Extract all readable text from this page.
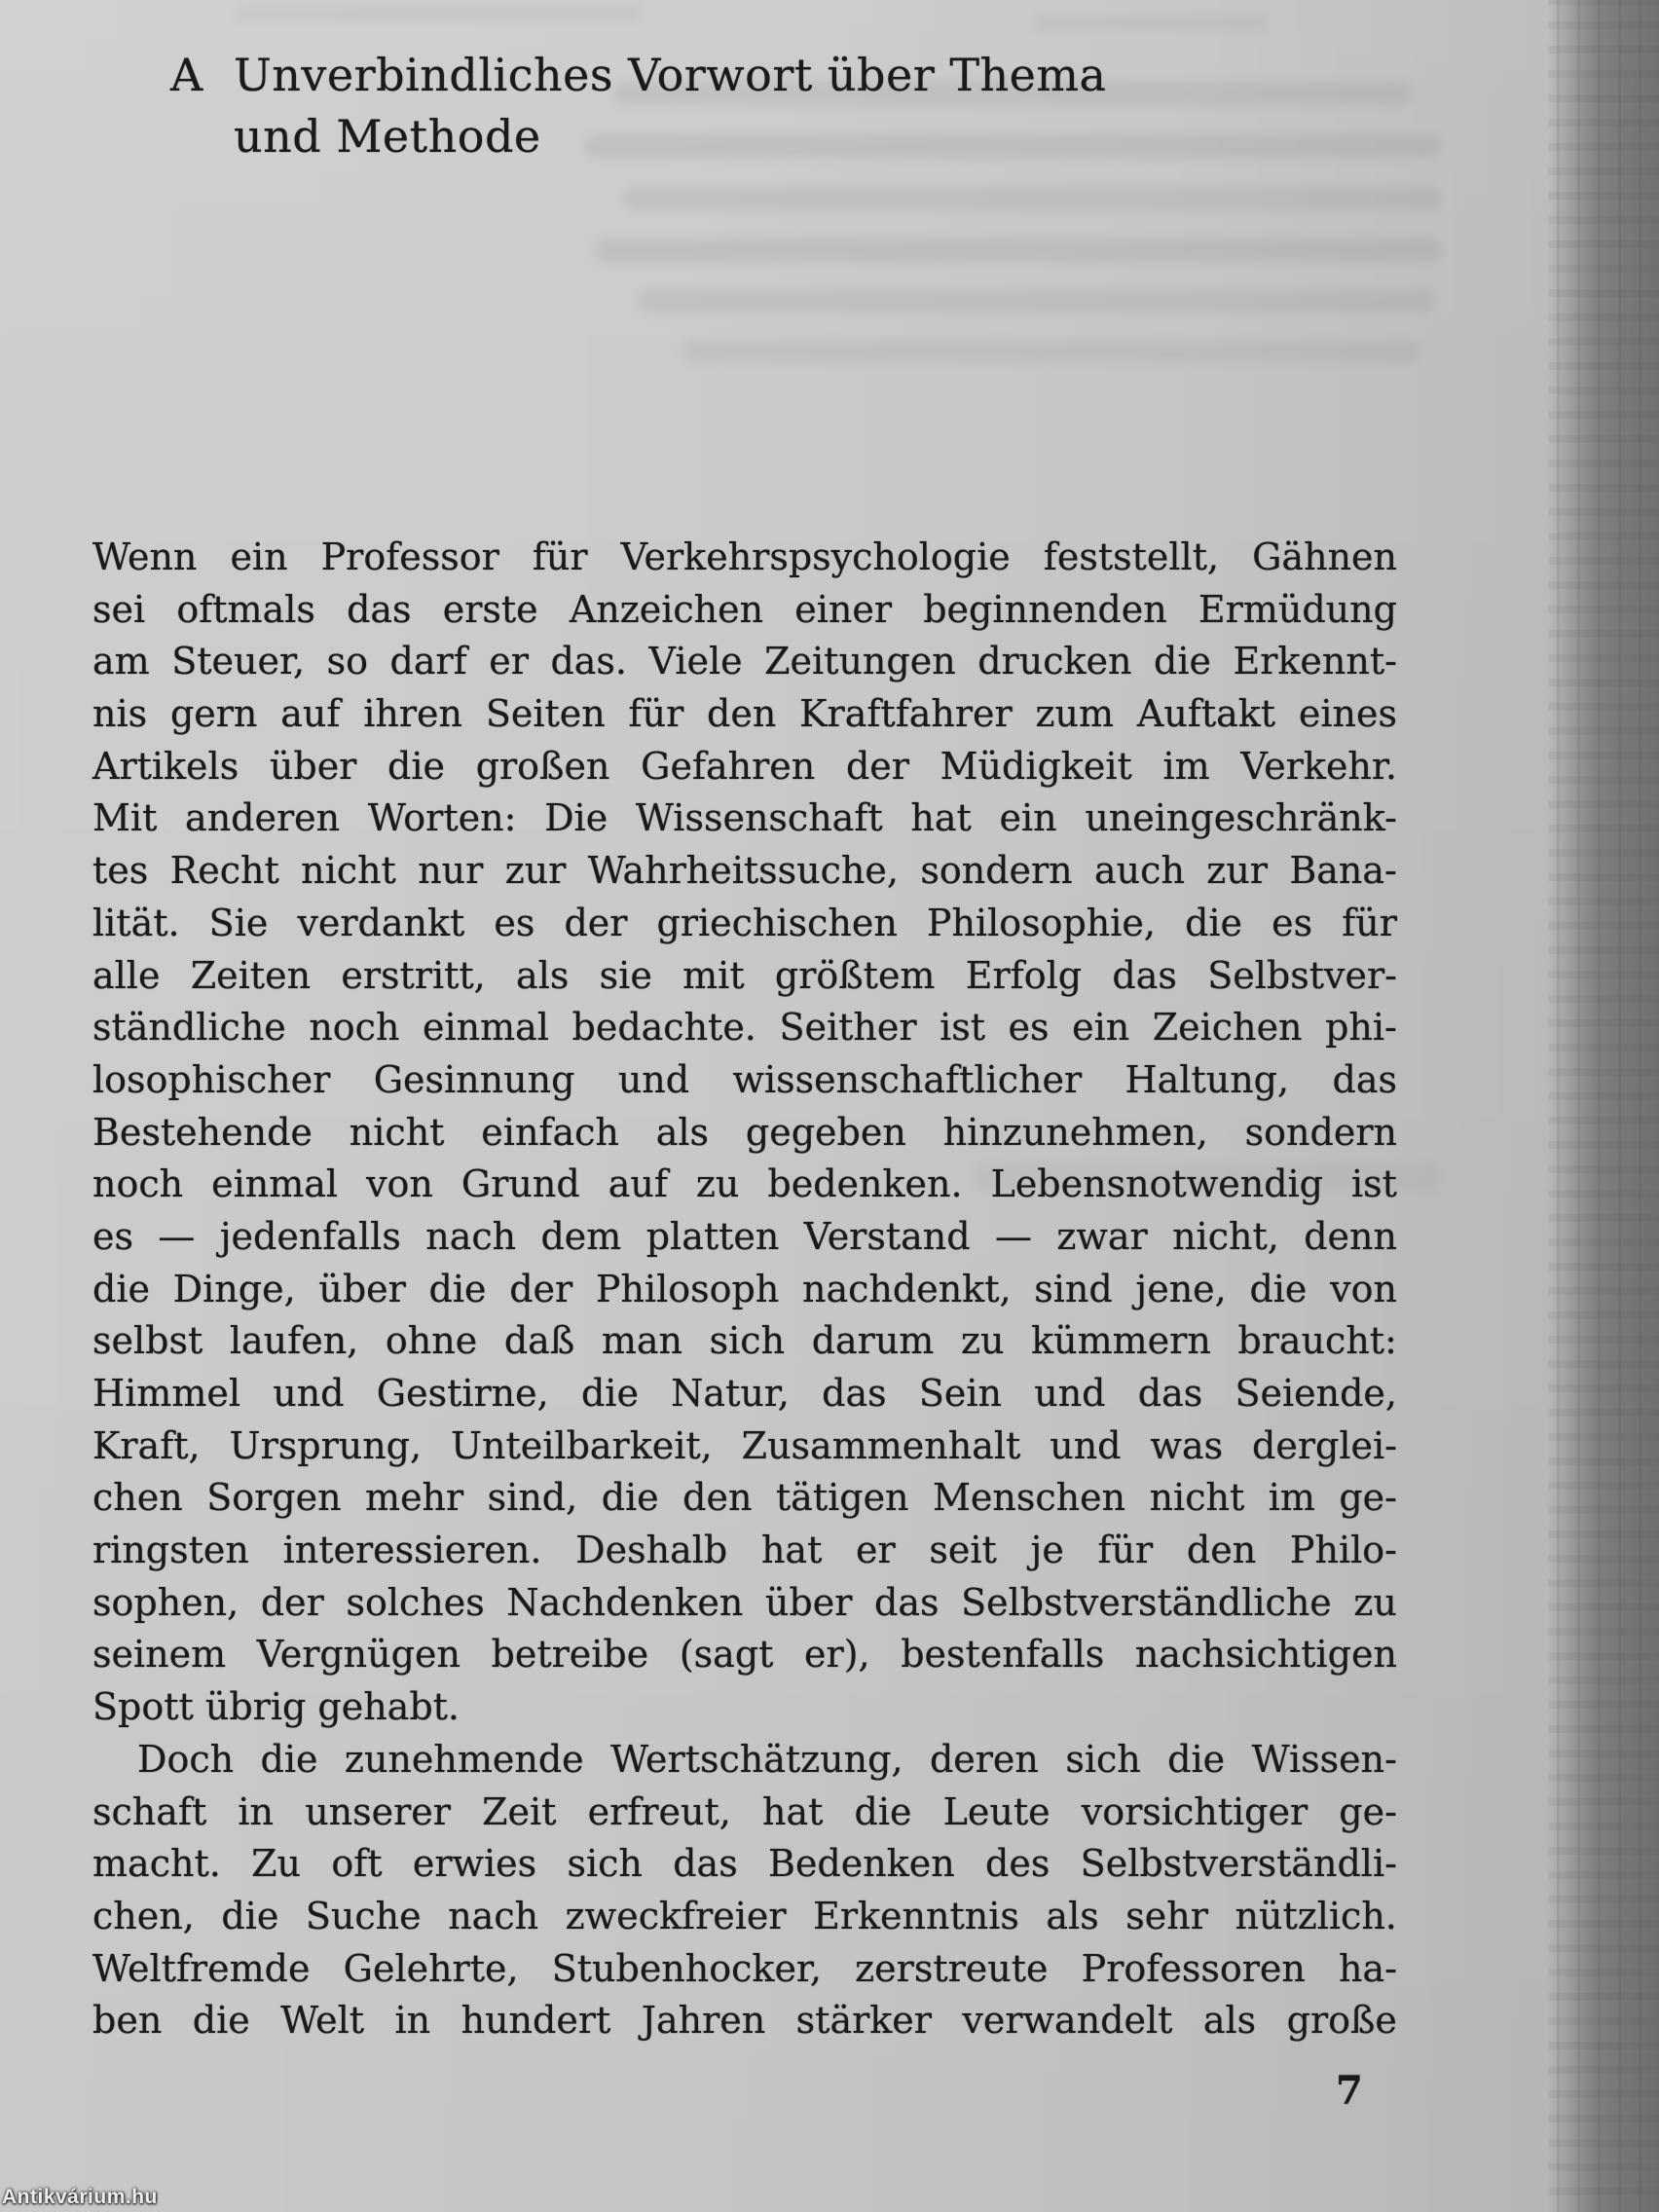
A Unverbindliches Vorwort über Thema
und Methode
Wenn ein Professor für Verkehrspsychologie feststellt, Gähnen
sei oftmals das erste Anzeichen einer beginnenden Ermüdung
am Steuer, so darf er das. Viele Zeitungen drucken die Erkennt-
nis gern auf ihren Seiten für den Kraftfahrer zum Auftakt eines
Artikels über die großen Gefahren der Müdigkeit im Verkehr.
Mit anderen Worten: Die Wissenschaft hat ein uneingeschränk-
tes Recht nicht nur zur Wahrheitssuche, sondern auch zur Bana-
lität. Sie verdankt es der griechischen Philosophie, die es für
alle Zeiten erstritt, als sie mit größtem Erfolg das Selbstver-
ständliche noch einmal bedachte. Seither ist es ein Zeichen phi-
losophischer Gesinnung und wissenschaftlicher Haltung, das
Bestehende nicht einfach als gegeben hinzunehmen, sondern
noch einmal von Grund auf zu bedenken. Lebensnotwendig ist
es — jedenfalls nach dem platten Verstand — zwar nicht, denn
die Dinge, über die der Philosoph nachdenkt, sind jene, die von
selbst laufen, ohne daß man sich darum zu kümmern braucht:
Himmel und Gestirne, die Natur, das Sein und das Seiende,
Kraft, Ursprung, Unteilbarkeit, Zusammenhalt und was derglei-
chen Sorgen mehr sind, die den tätigen Menschen nicht im ge-
ringsten interessieren. Deshalb hat er seit je für den Philo-
sophen, der solches Nachdenken über das Selbstverständliche zu
seinem Vergnügen betreibe (sagt er), bestenfalls nachsichtigen
Spott übrig gehabt.
Doch die zunehmende Wertschätzung, deren sich die Wissen-
schaft in unserer Zeit erfreut, hat die Leute vorsichtiger ge-
macht. Zu oft erwies sich das Bedenken des Selbstverständli-
chen, die Suche nach zweckfreier Erkenntnis als sehr nützlich.
Weltfremde Gelehrte, Stubenhocker, zerstreute Professoren ha-
ben die Welt in hundert Jahren stärker verwandelt als große
7
Antikvárium.hu
